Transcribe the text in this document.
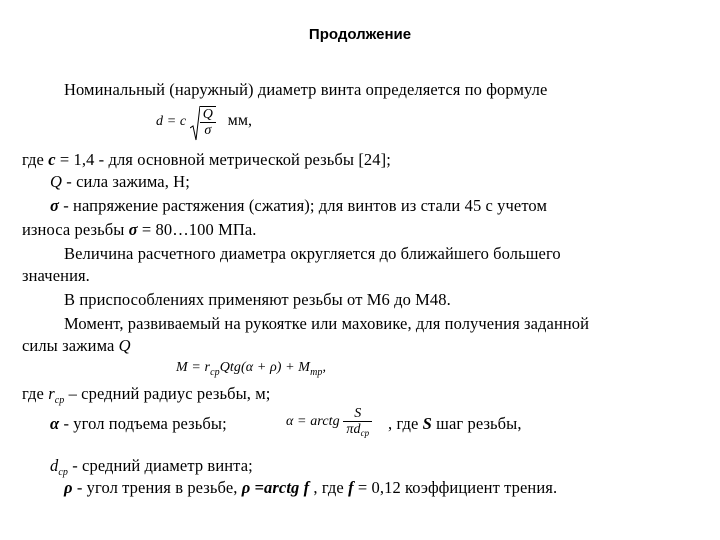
Продолжение
Номинальный (наружный) диаметр винта определяется по формуле
d = c $\frac{Q}{\sigma}$ мм,
где c = 1,4 - для основной метрической резьбы [24];
Q - сила зажима, Н;
σ - напряжение растяжения (сжатия); для винтов из стали 45 с учетом
износа резьбы σ = 80…100 МПа.
Величина расчетного диаметра округляется до ближайшего большего
значения.
В приспособлениях применяют резьбы от М6 до М48.
Момент, развиваемый на рукоятке или маховике, для получения заданной
силы зажима Q
$M = r_{ср}Qtg(\alpha + \rho) + M_{тр}$,
где $r_{ср}$ – средний радиус резьбы, м;
α - угол подъема резьбы;	α = arctg $\frac{S}{\pi d_{ср}}$ , где S шаг резьбы,
$d_{ср}$ - средний диаметр винта;
ρ - угол трения в резьбе, ρ =arctg f , где f = 0,12 коэффициент трения.
